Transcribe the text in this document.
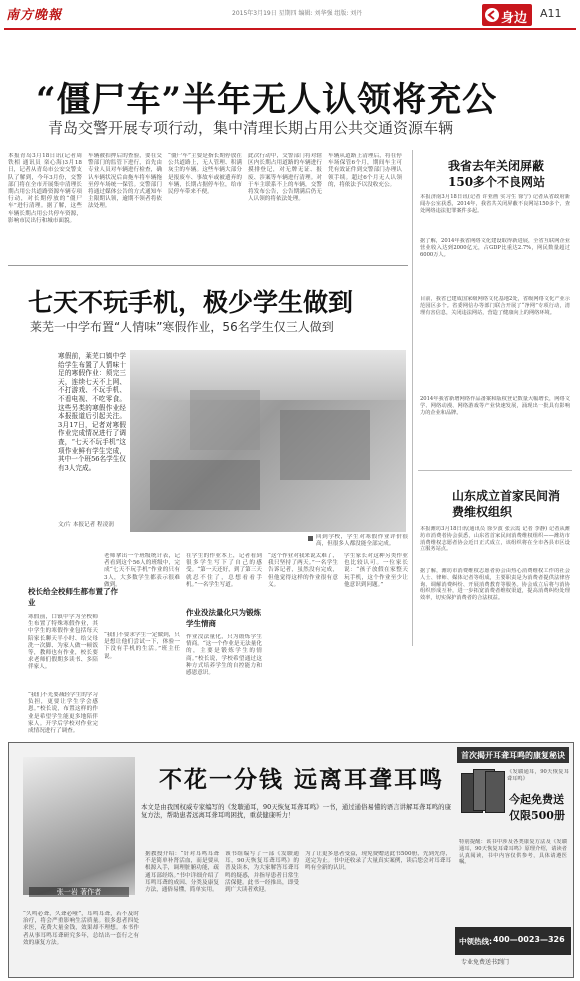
南方晚報	2015年3月19日 星期四 编辑: 刘华强 组版: 刘丹	身边 A11
“僵尸车”半年无人认领将充公
青岛交警开展专项行动，集中清理长期占用公共交通资源车辆
本报青岛3月18日讯(记者周铁相 通讯员 栾心海)3月18日，记者从青岛市公安交警支队了解到，今年3月份，交警部门将在全市开展集中清理长期占用公共道路资源车辆专项行动，对长期停放的“僵尸车”进行清理。据了解，这些车辆长期占用公共停车资源，影响市民出行和城市面貌。
车辆被扣押后的查验，要在交警部门的监管下进行，首先由专业人员对车辆进行检查，确认车辆状况后由拖车将车辆拖至停车场统一保管。交警部门将通过媒体公告的方式通知车主限期认领，逾期不领者将依法处理。
“僵尸车”主要是指长期停放在公共道路上，无人管理、积满灰尘的车辆。这些车辆大部分是报废车、事故车或被遗弃的车辆，长期占据停车位，给市民停车带来不便。
此次行动中，交警部门将对辖区内长期占用道路的车辆进行摸排登记，对无牌无证、报废、涉案等车辆进行清理。对于车主联系不上的车辆，交警将发布公告，公告期满后仍无人认领的将依法处理。
车辆从道路上清理后，将在停车场保管6个月，期间车主可凭有效证件到交警部门办理认领手续。超过6个月无人认领的，将依法予以没收充公。
我省去年关闭屏蔽150多个不良网站
本报济南3月18日讯(记者 许亚画 实习生 徐宁) 记者从省政府新闻办公室获悉，2014年，我省共关闭屏蔽不良网站150多个，查处网络违法犯罪案件多起。
据了解，2014年我省网络文化建设取得新进展，全省互联网企业营业收入达到2000亿元，占GDP比重达2.7%，网民数量超过6000万人。
目前，我省已建成国家级网络文化基地2处，省级网络文化产业示范园区多个。省委网信办等部门联合开展了“净网”专项行动，清理有害信息，关闭违法网站，营造了健康向上的网络环境。
2014年我省新增网络作品备案和版权登记数量大幅增长，网络文学、网络动漫、网络游戏等产业快速发展，涌现出一批具有影响力的企业和品牌。
山东成立首家民间消费维权组织
本报潍坊3月18日讯(通讯员 徐少波 张云霞 记者 李静) 记者从潍坊市消费者协会获悉，山东省首家民间消费维权组织——潍坊市消费维权志愿者协会近日正式成立，该组织将在全市各县市区设立服务站点。
据了解，潍坊市消费维权志愿者协会由热心消费维权工作的社会人士、律师、媒体记者等组成，主要职责是为消费者提供法律咨询、调解消费纠纷、开展消费教育等服务。协会成立后将与消协组织形成互补，进一步拓宽消费者维权渠道，提高消费纠纷处理效率，切实保护消费者的合法权益。
七天不玩手机，极少学生做到
莱芜一中学布置“人情味”寒假作业，56名学生仅三人做到
寒假前，莱芜口镇中学给学生布置了人情味十足的寒假作业：须完三天，连续七天不上网、不打游戏、不玩手机、不看电视、不吃零食。这些另类的寒假作业经本报报道后引起关注。3月17日，记者对寒假作业完成情况进行了调查，“七天不玩手机”这项作业鲜有学生完成，其中一个班56名学生仅有3人完成。
文/片 本报记者 程凌润
回到学校，学生对寒假作业评价很高，但很多人都没能全部完成。
校长给全校师生都布置了作业
寒假前，口镇中学为全校师生布置了特殊寒假作业，其中学生的寒假作业包括每天陪家长聊天半小时、给父母洗一次脚、为家人做一顿饭等，教师也有作业，校长要求老师们假期多读书、多陪伴家人。
“我们不光要减轻学生的学习负担，更要让学生学会感恩。”校长说，布置这样的作业是希望学生能更多地陪伴家人。开学后学校对作业完成情况进行了调查。
老师拿出一个班级统计表，记者看到这个56人的班级中，完成“七天不玩手机”作业的只有3人，大多数学生都表示很难做到。
“我们不要求学生一定做到，只是想让他们尝试一下，体验一下没有手机的生活。”班主任说。
在学生的作业本上，记者看到很多学生写下了自己的感受。“第一天还好，到了第三天就忍不住了，总想看看手机。”一名学生写道。
作业没法量化只为锻炼学生情商
作业没法量化，只为锻炼学生情商。“这一个作业是无法量化的，主要是锻炼学生的情商。”校长说，学校希望通过这种方式培养学生的自控能力和感恩意识。
“这个作业对我来说太难了，我只坚持了两天。”一名学生告诉记者，虽然没有完成，但他觉得这样的作业很有意义。
学生家长对这种另类作业也比较认可。一位家长说：“孩子放假在家整天玩手机，这个作业至少让他意识到问题。”
张一岩 著作者
不花一分钱 远离耳聋耳鸣
本文是由我国权威专家编写的《发聩通耳，90天恢复耳聋耳鸣》一书，通过通俗易懂的语言讲解耳聋耳鸣的康复方法，帮助患者远离耳聋耳鸣困扰，重获健康听力！
“久鸣必聋，久聋必哑”，耳鸣耳聋，若不及时治疗，将会严重影响生活质量。很多患者四处求医，花费大量金钱，效果却不理想。本书作者从事耳鸣耳聋研究多年，总结出一套行之有效的康复方法。
据教授介绍：“针对耳鸣耳聋不是简单补肾活血，而是要从根源入手，调理脏腑功能，疏通耳部经络。”书中详细介绍了耳鸣耳聋的成因、分类及康复方法，通俗易懂，简单实用。
该书组编写了一部《发聩通耳，90天恢复耳聋耳鸣》的普及读本，为大家解答耳聋耳鸣的疑惑，并指导患者日常生活保健。此书一经推出，即受到广大读者欢迎。
为了让更多患者受益，现免费赠送此书500册，先到先得，送完为止。书中还收录了大量真实案例，读后您会对耳聋耳鸣有全新的认识。
首次揭开耳聋耳鸣的康复秘诀
《发聩通耳，90天恢复耳聋耳鸣》
今起免费送
仅限500册
特别提醒：该书中涉及各类康复方法及《发聩通耳，90天恢复耳聋耳鸣》原理介绍，请读者认真阅读，书中内容仅供参考，具体请遵医嘱。
中领热线: 400—0023—326
专业免费送书到门
